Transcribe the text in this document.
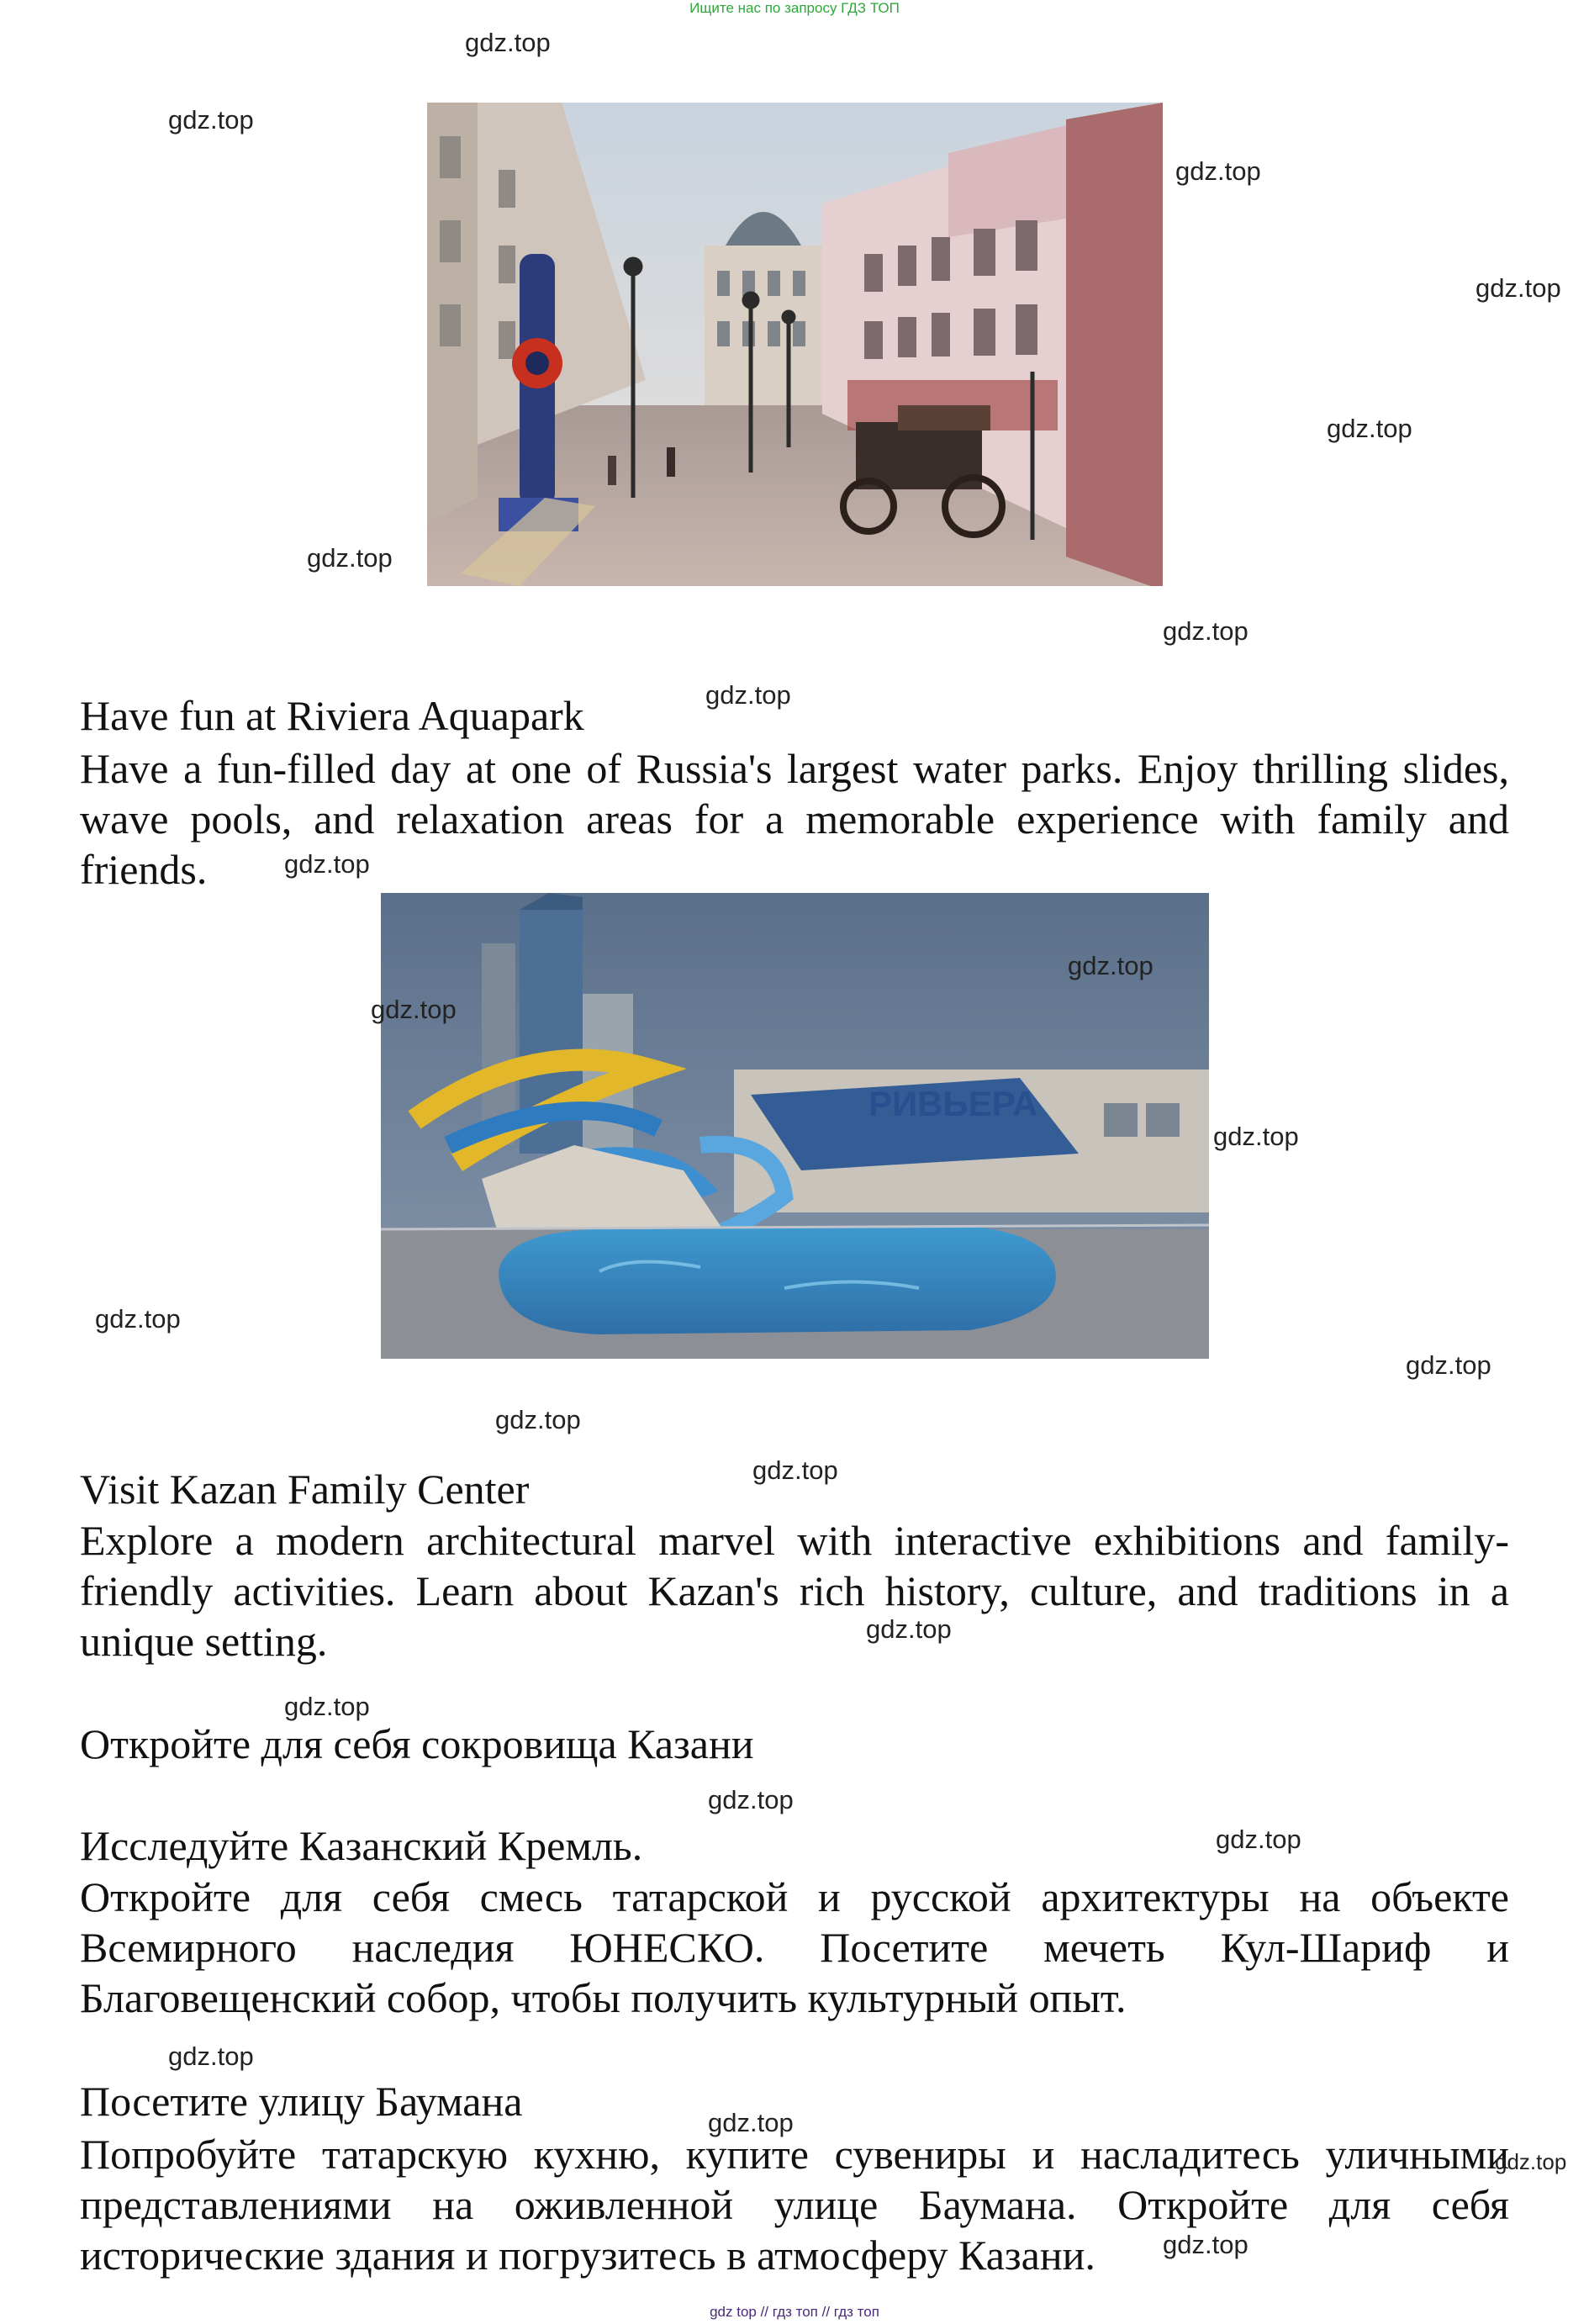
Ищите нас по запросу ГДЗ ТОП
Have fun at Riviera Aquapark

Have a fun-filled day at one of Russia's largest water parks. Enjoy thrilling slides, wave pools, and relaxation areas for a memorable experience with family and friends.

РИВЬЕРА
Visit Kazan Family Center

Explore a modern architectural marvel with interactive exhibitions and family-friendly activities. Learn about Kazan's rich history, culture, and traditions in a unique setting.

Откройте для себя сокровища Казани
Исследуйте Казанский Кремль.

Откройте для себя смесь татарской и русской архитектуры на объекте Всемирного наследия ЮНЕСКО. Посетите мечеть Кул-Шариф и Благовещенский собор, чтобы получить культурный опыт.

Посетите улицу Баумана

Попробуйте татарскую кухню, купите сувениры и насладитесь уличными представлениями на оживленной улице Баумана. Откройте для себя исторические здания и погрузитесь в атмосферу Казани.

gdz.top
gdz.top
gdz.top
gdz.top
gdz.top
gdz.top
gdz.top
gdz.top
gdz.top
gdz.top
gdz.top
gdz.top
gdz.top
gdz.top
gdz.top
gdz.top
gdz.top
gdz.top
gdz.top
gdz.top
gdz.top
gdz.top
gdz.top
gdz.top
gdz top // гдз топ // гдз топ
